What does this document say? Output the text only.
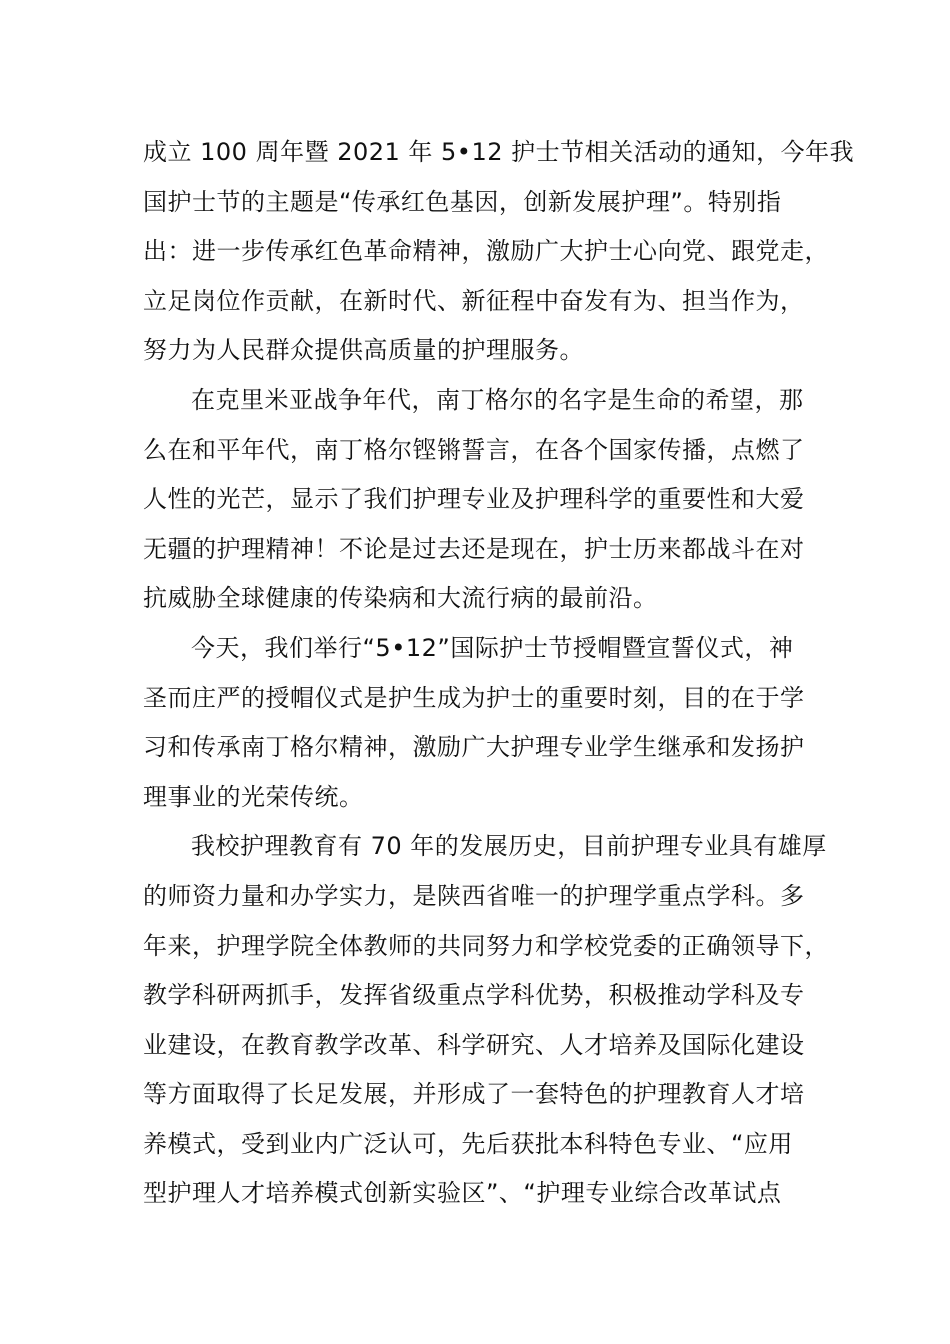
成立 100 周年暨 2021 年 5•12 护士节相关活动的通知，今年我
国护士节的主题是“传承红色基因，创新发展护理”。特别指
出：进一步传承红色革命精神，激励广大护士心向党、跟党走，
立足岗位作贡献，在新时代、新征程中奋发有为、担当作为，
努力为人民群众提供高质量的护理服务。
在克里米亚战争年代，南丁格尔的名字是生命的希望，那
么在和平年代，南丁格尔铿锵誓言，在各个国家传播，点燃了
人性的光芒，显示了我们护理专业及护理科学的重要性和大爱
无疆的护理精神！不论是过去还是现在，护士历来都战斗在对
抗威胁全球健康的传染病和大流行病的最前沿。
今天，我们举行“5•12”国际护士节授帽暨宣誓仪式，神
圣而庄严的授帽仪式是护生成为护士的重要时刻，目的在于学
习和传承南丁格尔精神，激励广大护理专业学生继承和发扬护
理事业的光荣传统。
我校护理教育有 70 年的发展历史，目前护理专业具有雄厚
的师资力量和办学实力，是陕西省唯一的护理学重点学科。多
年来，护理学院全体教师的共同努力和学校党委的正确领导下，
教学科研两抓手，发挥省级重点学科优势，积极推动学科及专
业建设，在教育教学改革、科学研究、人才培养及国际化建设
等方面取得了长足发展，并形成了一套特色的护理教育人才培
养模式，受到业内广泛认可，先后获批本科特色专业、“应用
型护理人才培养模式创新实验区”、“护理专业综合改革试点
